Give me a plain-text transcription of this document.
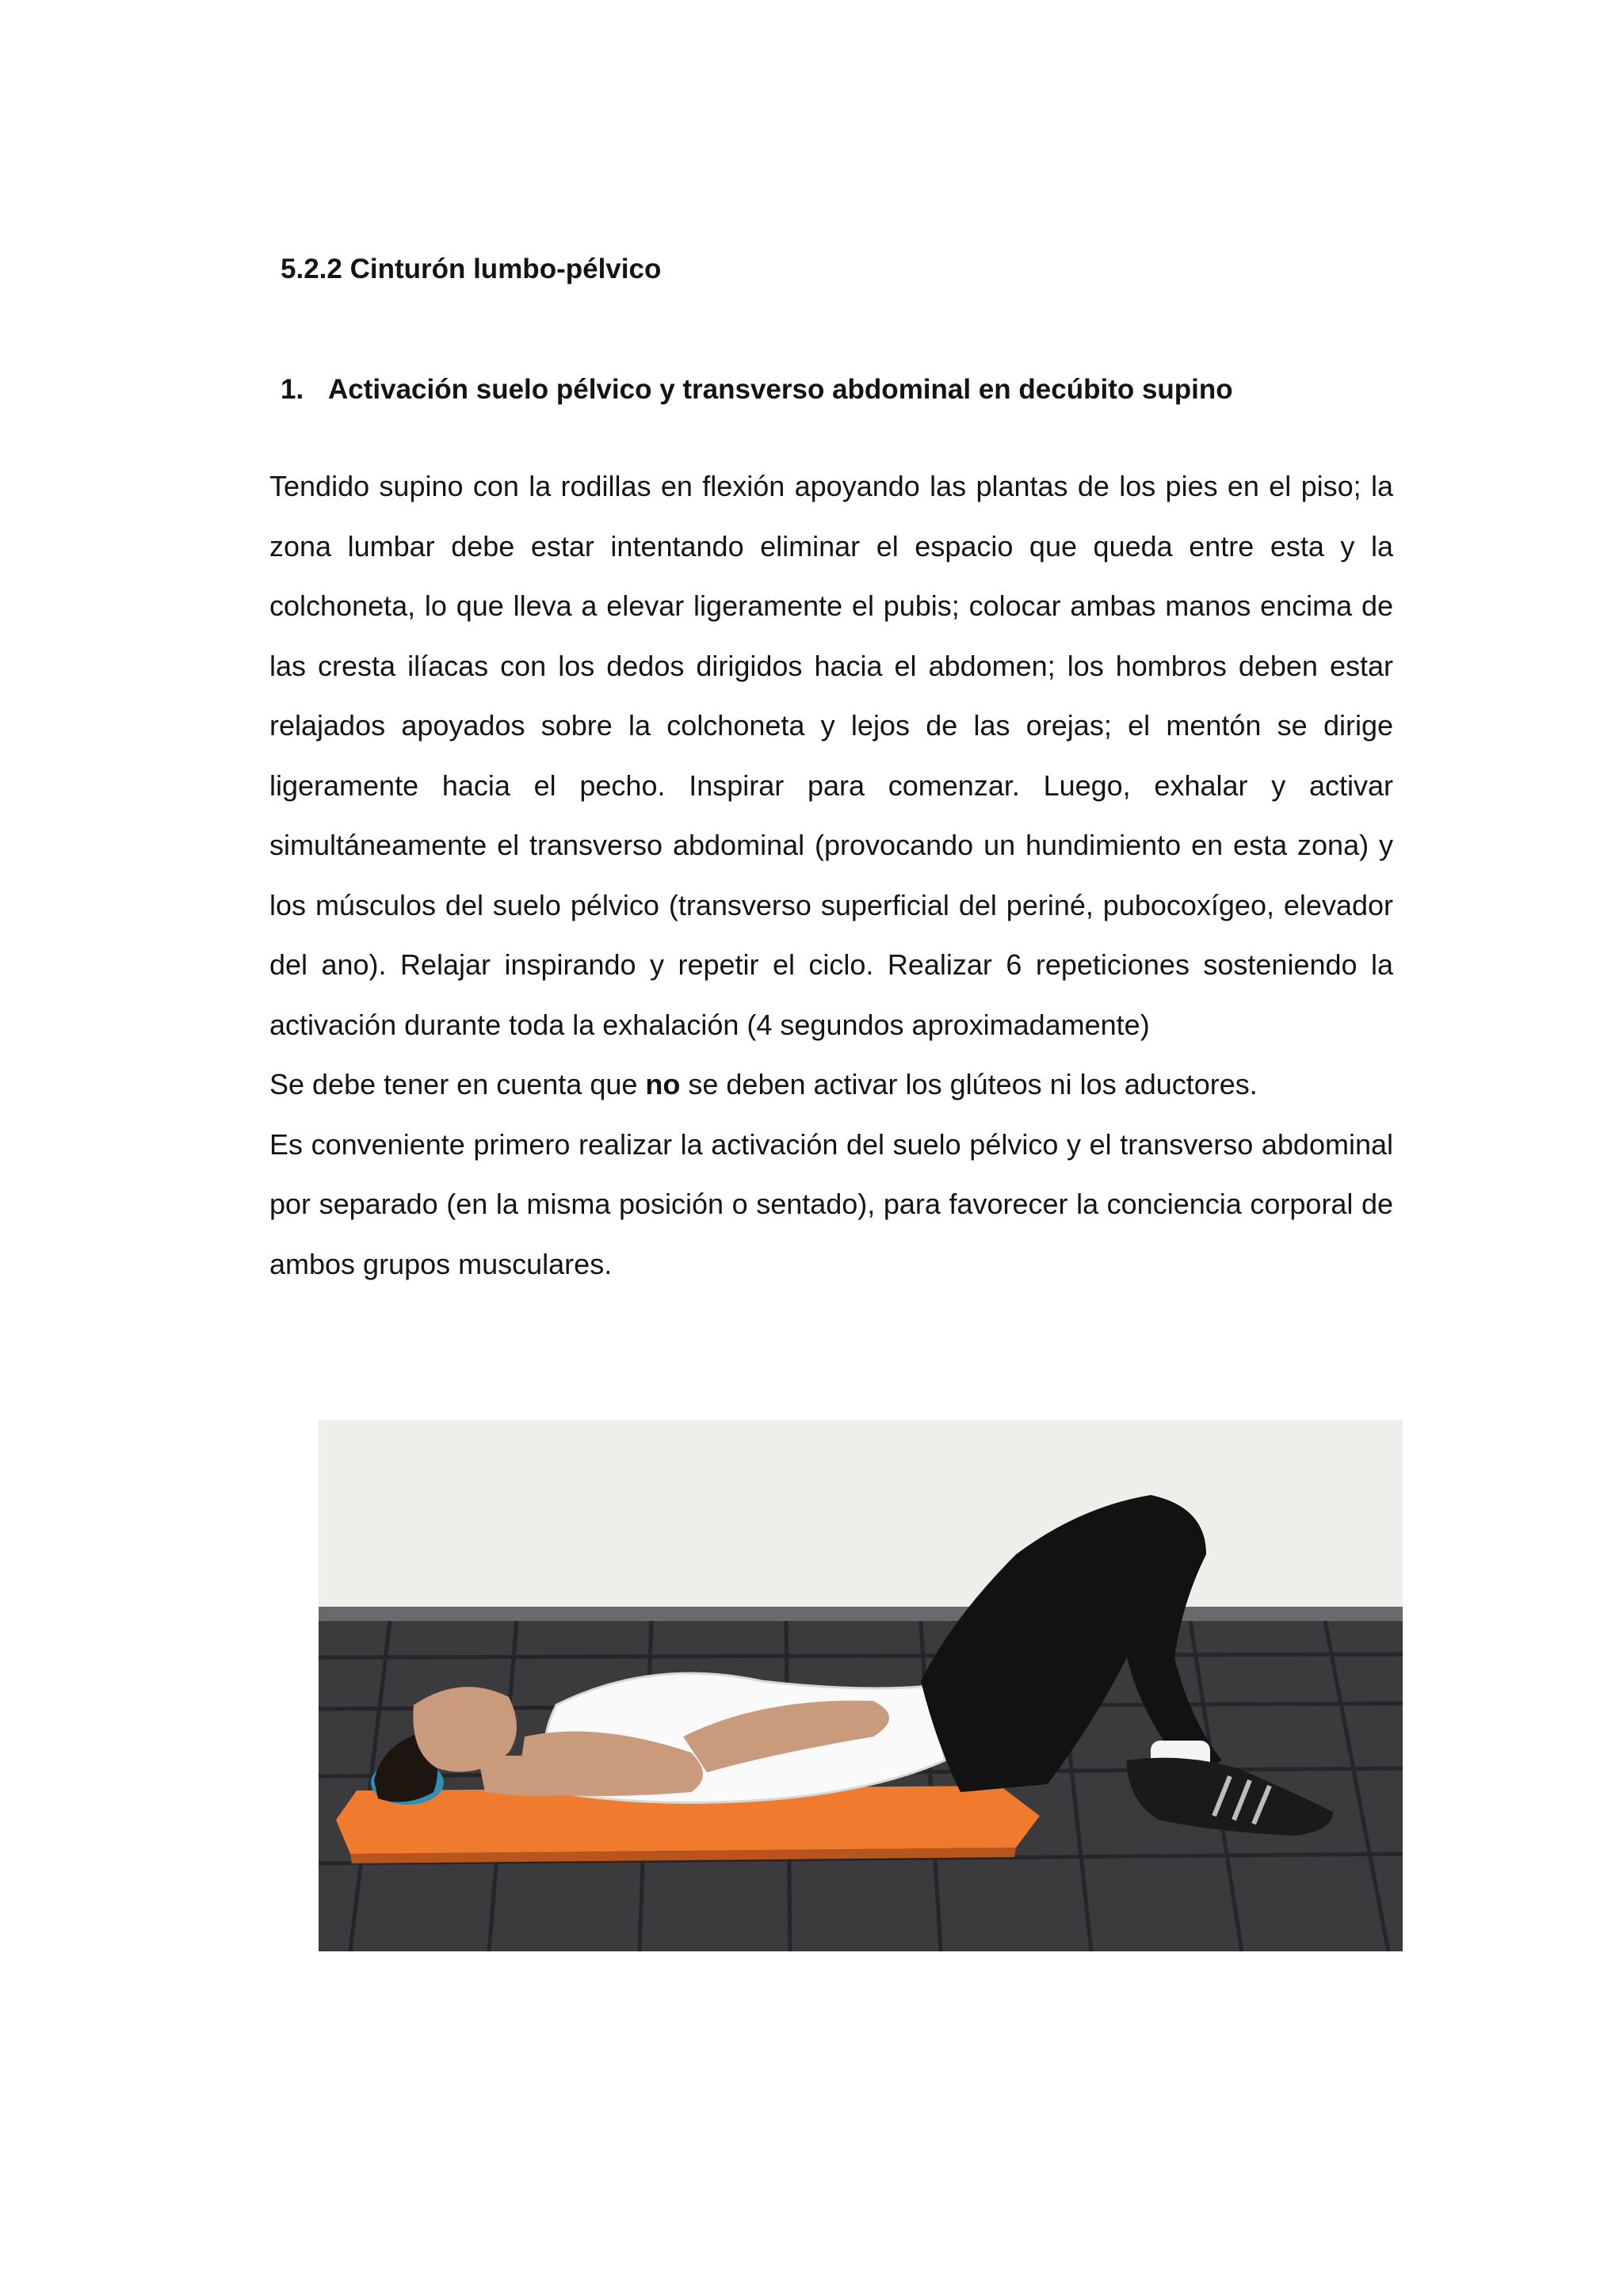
5.2.2 Cinturón lumbo-pélvico
1. Activación suelo pélvico y transverso abdominal en decúbito supino

Tendido supino con la rodillas en flexión apoyando las plantas de los pies en el piso; la zona lumbar debe estar intentando eliminar el espacio que queda entre esta y la colchoneta, lo que lleva a elevar ligeramente el pubis; colocar ambas manos encima de las cresta ilíacas con los dedos dirigidos hacia el abdomen; los hombros deben estar relajados apoyados sobre la colchoneta y lejos de las orejas; el mentón se dirige ligeramente hacia el pecho. Inspirar para comenzar. Luego, exhalar y activar simultáneamente el transverso abdominal (provocando un hundimiento en esta zona) y los músculos del suelo pélvico (transverso superficial del periné, pubocoxígeo, elevador del ano). Relajar inspirando y repetir el ciclo. Realizar 6 repeticiones sosteniendo la activación durante toda la exhalación (4 segundos aproximadamente)

Se debe tener en cuenta que no se deben activar los glúteos ni los aductores.

Es conveniente primero realizar la activación del suelo pélvico y el transverso abdominal por separado (en la misma posición o sentado), para favorecer la conciencia corporal de ambos grupos musculares.
